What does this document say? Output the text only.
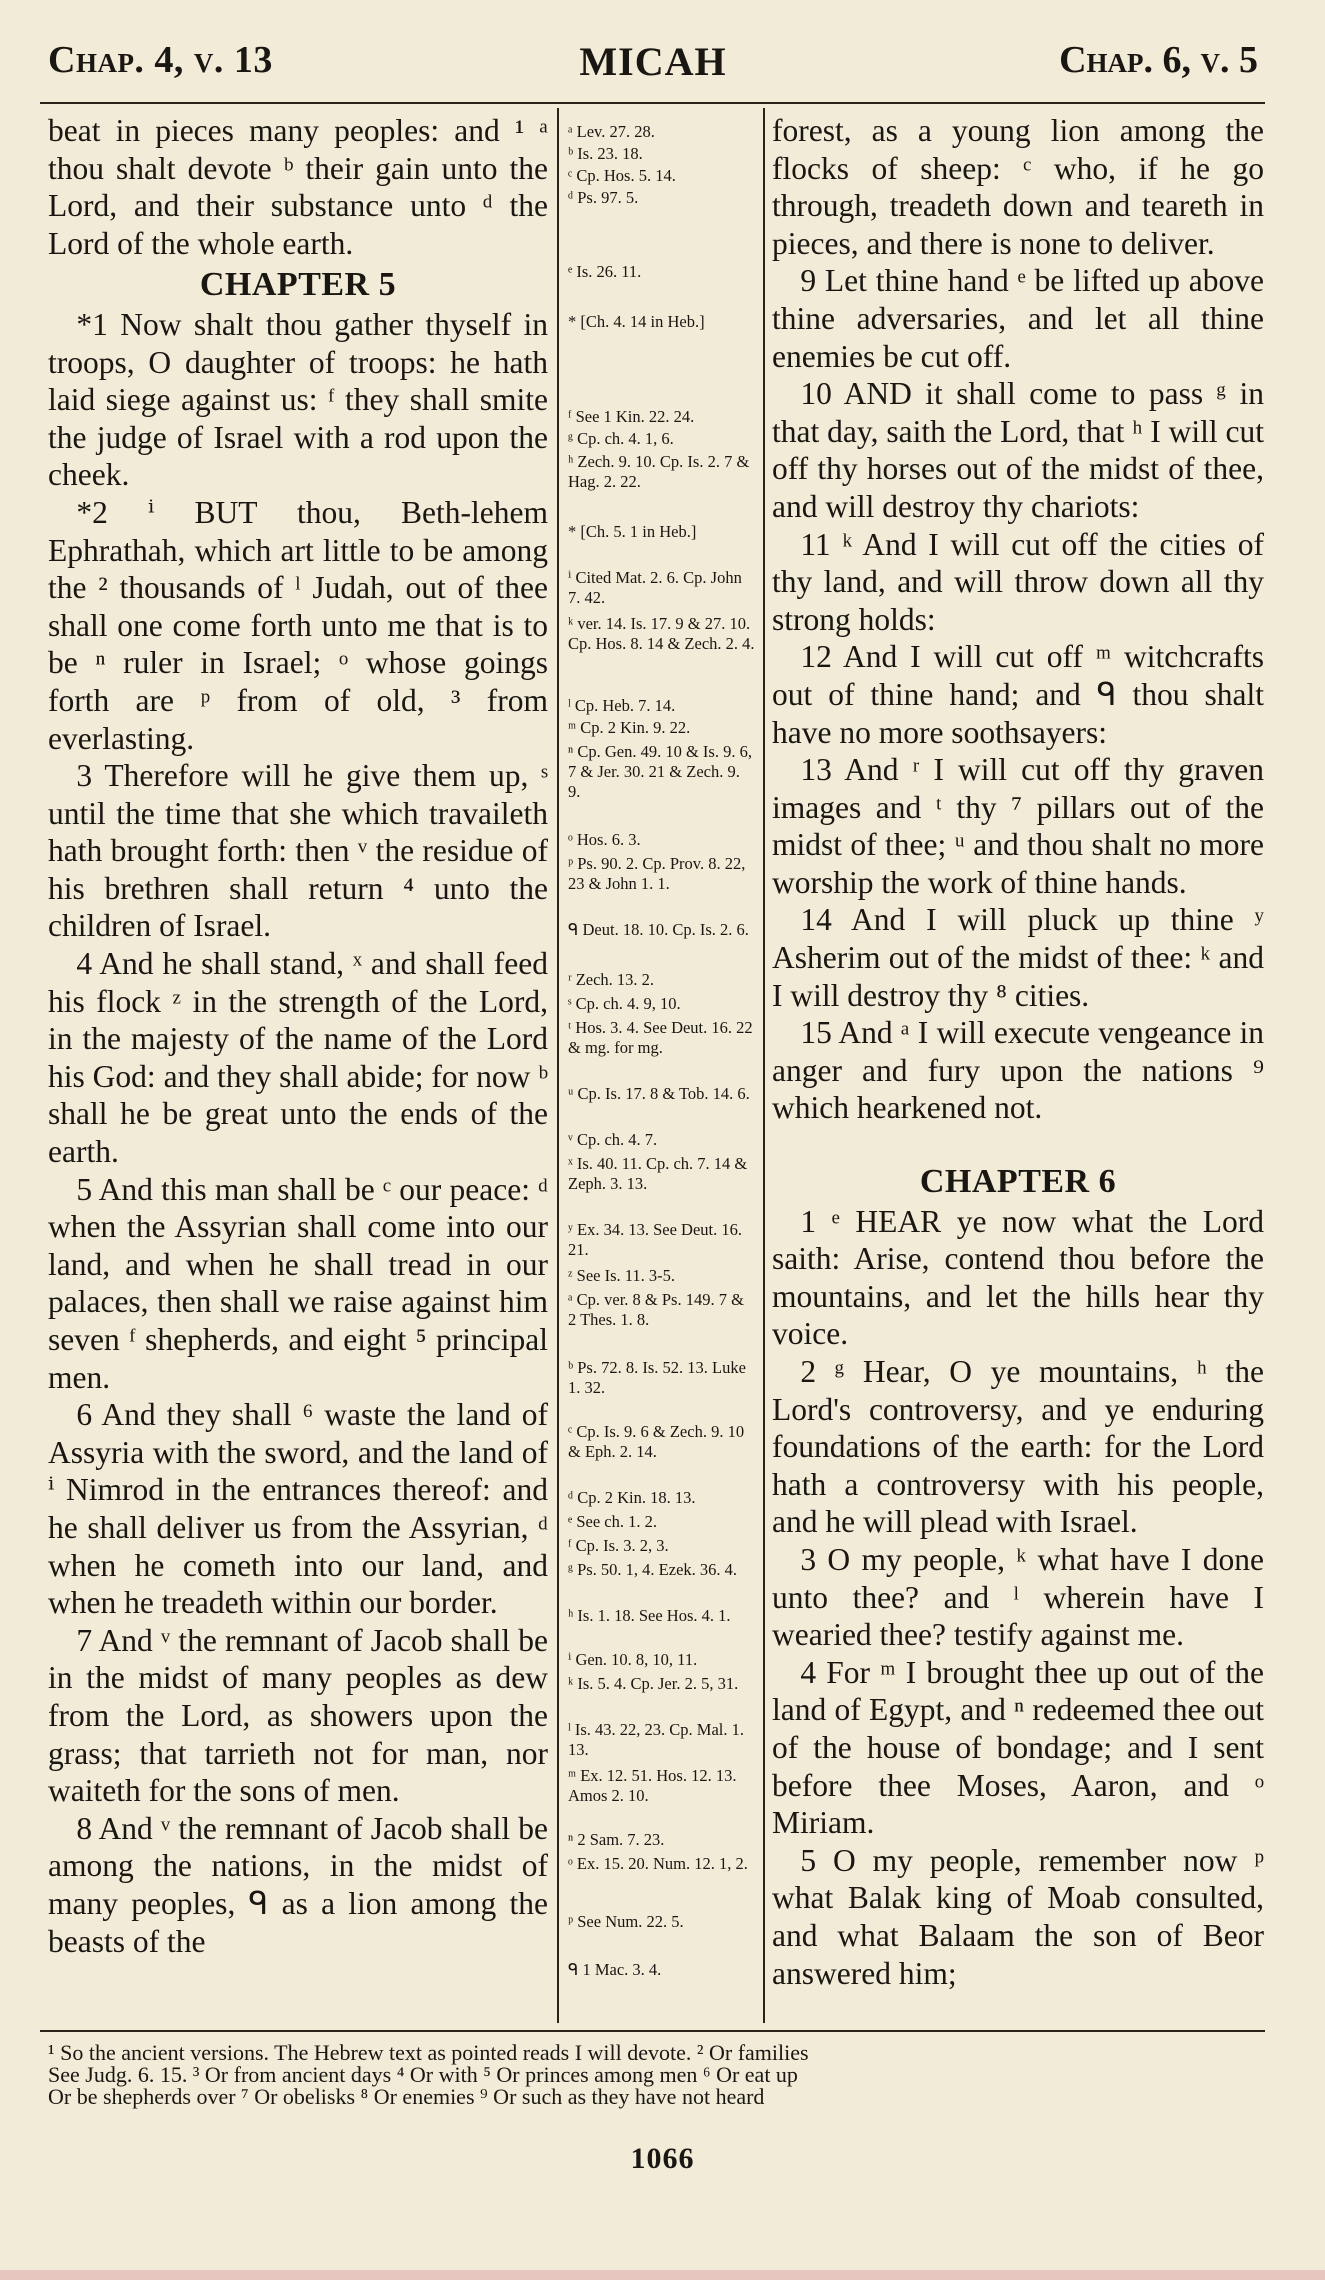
Chap. 4, v. 13	MICAH	Chap. 6, v. 5

beat in pieces many peoples: and ¹ ᵃ thou shalt devote ᵇ their gain unto the Lord, and their substance unto ᵈ the Lord of the whole earth.

CHAPTER 5

*1 Now shalt thou gather thyself in troops, O daughter of troops: he hath laid siege against us: ᶠ they shall smite the judge of Israel with a rod upon the cheek.

*2 ⁱ BUT thou, Beth-lehem Ephrathah, which art little to be among the ² thousands of ˡ Judah, out of thee shall one come forth unto me that is to be ⁿ ruler in Israel; ᵒ whose goings forth are ᵖ from of old, ³ from everlasting.

3 Therefore will he give them up, ˢ until the time that she which travaileth hath brought forth: then ᵛ the residue of his brethren shall return ⁴ unto the children of Israel.

4 And he shall stand, ˣ and shall feed his flock ᶻ in the strength of the Lord, in the majesty of the name of the Lord his God: and they shall abide; for now ᵇ shall he be great unto the ends of the earth.

5 And this man shall be ᶜ our peace: ᵈ when the Assyrian shall come into our land, and when he shall tread in our palaces, then shall we raise against him seven ᶠ shepherds, and eight ⁵ principal men.

6 And they shall ⁶ waste the land of Assyria with the sword, and the land of ⁱ Nimrod in the entrances thereof: and he shall deliver us from the Assyrian, ᵈ when he cometh into our land, and when he treadeth within our border.

7 And ᵛ the remnant of Jacob shall be in the midst of many peoples as dew from the Lord, as showers upon the grass; that tarrieth not for man, nor waiteth for the sons of men.

8 And ᵛ the remnant of Jacob shall be among the nations, in the midst of many peoples, ᑫ as a lion among the beasts of the

ᵃ Lev. 27. 28.
ᵇ Is. 23. 18.
ᶜ Cp. Hos. 5. 14.
ᵈ Ps. 97. 5.
ᵉ Is. 26. 11.
* [Ch. 4. 14 in Heb.]
ᶠ See 1 Kin. 22. 24.
ᵍ Cp. ch. 4. 1, 6.
ʰ Zech. 9. 10. Cp. Is. 2. 7 & Hag. 2. 22.
* [Ch. 5. 1 in Heb.]
ⁱ Cited Mat. 2. 6. Cp. John 7. 42.
ᵏ ver. 14. Is. 17. 9 & 27. 10. Cp. Hos. 8. 14 & Zech. 2. 4.
ˡ Cp. Heb. 7. 14.
ᵐ Cp. 2 Kin. 9. 22.
ⁿ Cp. Gen. 49. 10 & Is. 9. 6, 7 & Jer. 30. 21 & Zech. 9. 9.
ᵒ Hos. 6. 3.
ᵖ Ps. 90. 2. Cp. Prov. 8. 22, 23 & John 1. 1.
ᑫ Deut. 18. 10. Cp. Is. 2. 6.
ʳ Zech. 13. 2.
ˢ Cp. ch. 4. 9, 10.
ᵗ Hos. 3. 4. See Deut. 16. 22 & mg. for mg.
ᵘ Cp. Is. 17. 8 & Tob. 14. 6.
ᵛ Cp. ch. 4. 7.
ˣ Is. 40. 11. Cp. ch. 7. 14 & Zeph. 3. 13.
ʸ Ex. 34. 13. See Deut. 16. 21.
ᶻ See Is. 11. 3-5.
ᵃ Cp. ver. 8 & Ps. 149. 7 & 2 Thes. 1. 8.
ᵇ Ps. 72. 8. Is. 52. 13. Luke 1. 32.
ᶜ Cp. Is. 9. 6 & Zech. 9. 10 & Eph. 2. 14.
ᵈ Cp. 2 Kin. 18. 13.
ᵉ See ch. 1. 2.
ᶠ Cp. Is. 3. 2, 3.
ᵍ Ps. 50. 1, 4. Ezek. 36. 4.
ʰ Is. 1. 18. See Hos. 4. 1.
ⁱ Gen. 10. 8, 10, 11.
ᵏ Is. 5. 4. Cp. Jer. 2. 5, 31.
ˡ Is. 43. 22, 23. Cp. Mal. 1. 13.
ᵐ Ex. 12. 51. Hos. 12. 13. Amos 2. 10.
ⁿ 2 Sam. 7. 23.
ᵒ Ex. 15. 20. Num. 12. 1, 2.
ᵖ See Num. 22. 5.
ᑫ 1 Mac. 3. 4.

forest, as a young lion among the flocks of sheep: ᶜ who, if he go through, treadeth down and teareth in pieces, and there is none to deliver.

9 Let thine hand ᵉ be lifted up above thine adversaries, and let all thine enemies be cut off.

10 AND it shall come to pass ᵍ in that day, saith the Lord, that ʰ I will cut off thy horses out of the midst of thee, and will destroy thy chariots:

11 ᵏ And I will cut off the cities of thy land, and will throw down all thy strong holds:

12 And I will cut off ᵐ witchcrafts out of thine hand; and ᑫ thou shalt have no more soothsayers:

13 And ʳ I will cut off thy graven images and ᵗ thy ⁷ pillars out of the midst of thee; ᵘ and thou shalt no more worship the work of thine hands.

14 And I will pluck up thine ʸ Asherim out of the midst of thee: ᵏ and I will destroy thy ⁸ cities.

15 And ᵃ I will execute vengeance in anger and fury upon the nations ⁹ which hearkened not.

CHAPTER 6

1 ᵉ HEAR ye now what the Lord saith: Arise, contend thou before the mountains, and let the hills hear thy voice.

2 ᵍ Hear, O ye mountains, ʰ the Lord's controversy, and ye enduring foundations of the earth: for the Lord hath a controversy with his people, and he will plead with Israel.

3 O my people, ᵏ what have I done unto thee? and ˡ wherein have I wearied thee? testify against me.

4 For ᵐ I brought thee up out of the land of Egypt, and ⁿ redeemed thee out of the house of bondage; and I sent before thee Moses, Aaron, and ᵒ Miriam.

5 O my people, remember now ᵖ what Balak king of Moab consulted, and what Balaam the son of Beor answered him;

¹ So the ancient versions. The Hebrew text as pointed reads I will devote. ² Or families
See Judg. 6. 15. ³ Or from ancient days ⁴ Or with ⁵ Or princes among men ⁶ Or eat up
Or be shepherds over ⁷ Or obelisks ⁸ Or enemies ⁹ Or such as they have not heard
1066
